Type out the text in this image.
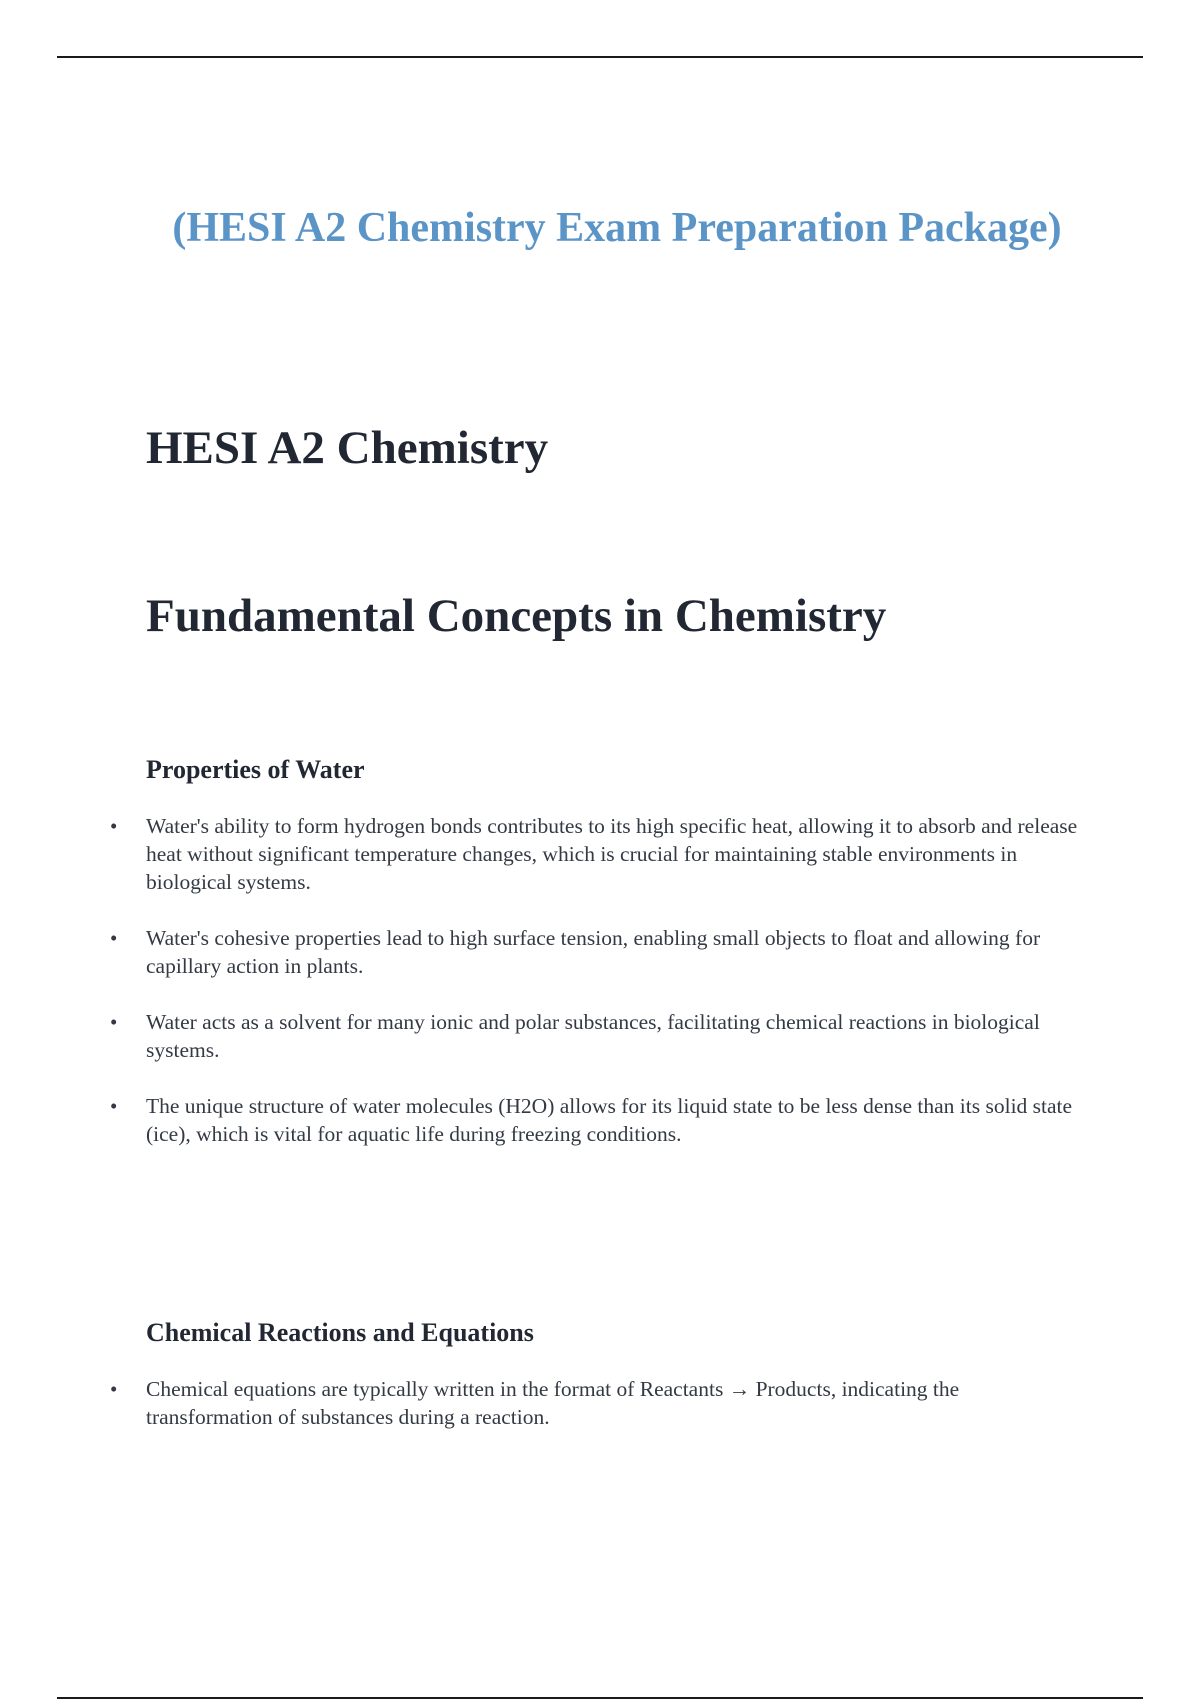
(HESI A2 Chemistry Exam Preparation Package)
HESI A2 Chemistry
Fundamental Concepts in Chemistry
Properties of Water
• Water's ability to form hydrogen bonds contributes to its high specific heat, allowing it to absorb and release heat without significant temperature changes, which is crucial for maintaining stable environments in biological systems.
• Water's cohesive properties lead to high surface tension, enabling small objects to float and allowing for capillary action in plants.
• Water acts as a solvent for many ionic and polar substances, facilitating chemical reactions in biological systems.
• The unique structure of water molecules (H2O) allows for its liquid state to be less dense than its solid state (ice), which is vital for aquatic life during freezing conditions.
Chemical Reactions and Equations
• Chemical equations are typically written in the format of Reactants → Products, indicating the transformation of substances during a reaction.
